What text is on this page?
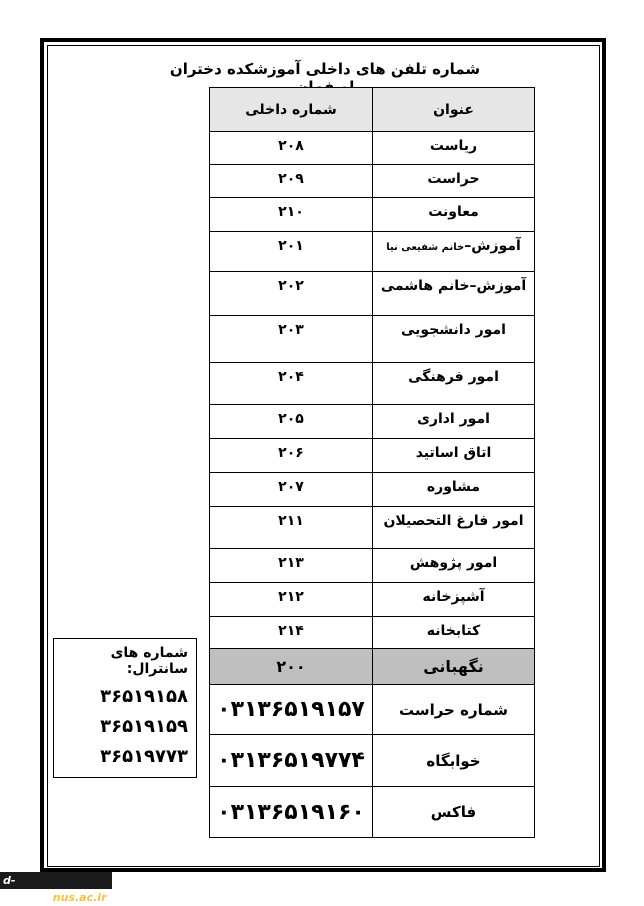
شماره تلفن های داخلی آموزشکده دختران
عنوان	شماره داخلی
ریاست	۲۰۸
حراست	۲۰۹
معاونت	۲۱۰
آموزش–خانم شفیعی نیا	۲۰۱
آموزش–خانم هاشمی	۲۰۲
امور دانشجویی	۲۰۳
امور فرهنگی	۲۰۴
امور اداری	۲۰۵
اتاق اساتید	۲۰۶
مشاوره	۲۰۷
امور فارغ التحصیلان	۲۱۱
امور پژوهش	۲۱۳
آشپزخانه	۲۱۲
کتابخانه	۲۱۴
نگهبانی	۲۰۰
شماره حراست	۰۳۱۳۶۵۱۹۱۵۷
خوابگاه	۰۳۱۳۶۵۱۹۷۷۴
فاکس	۰۳۱۳۶۵۱۹۱۶۰
شماره های سانترال:
۳۶۵۱۹۱۵۸
۳۶۵۱۹۱۵۹
۳۶۵۱۹۷۷۳
d-isfahan.nus.ac.ir
